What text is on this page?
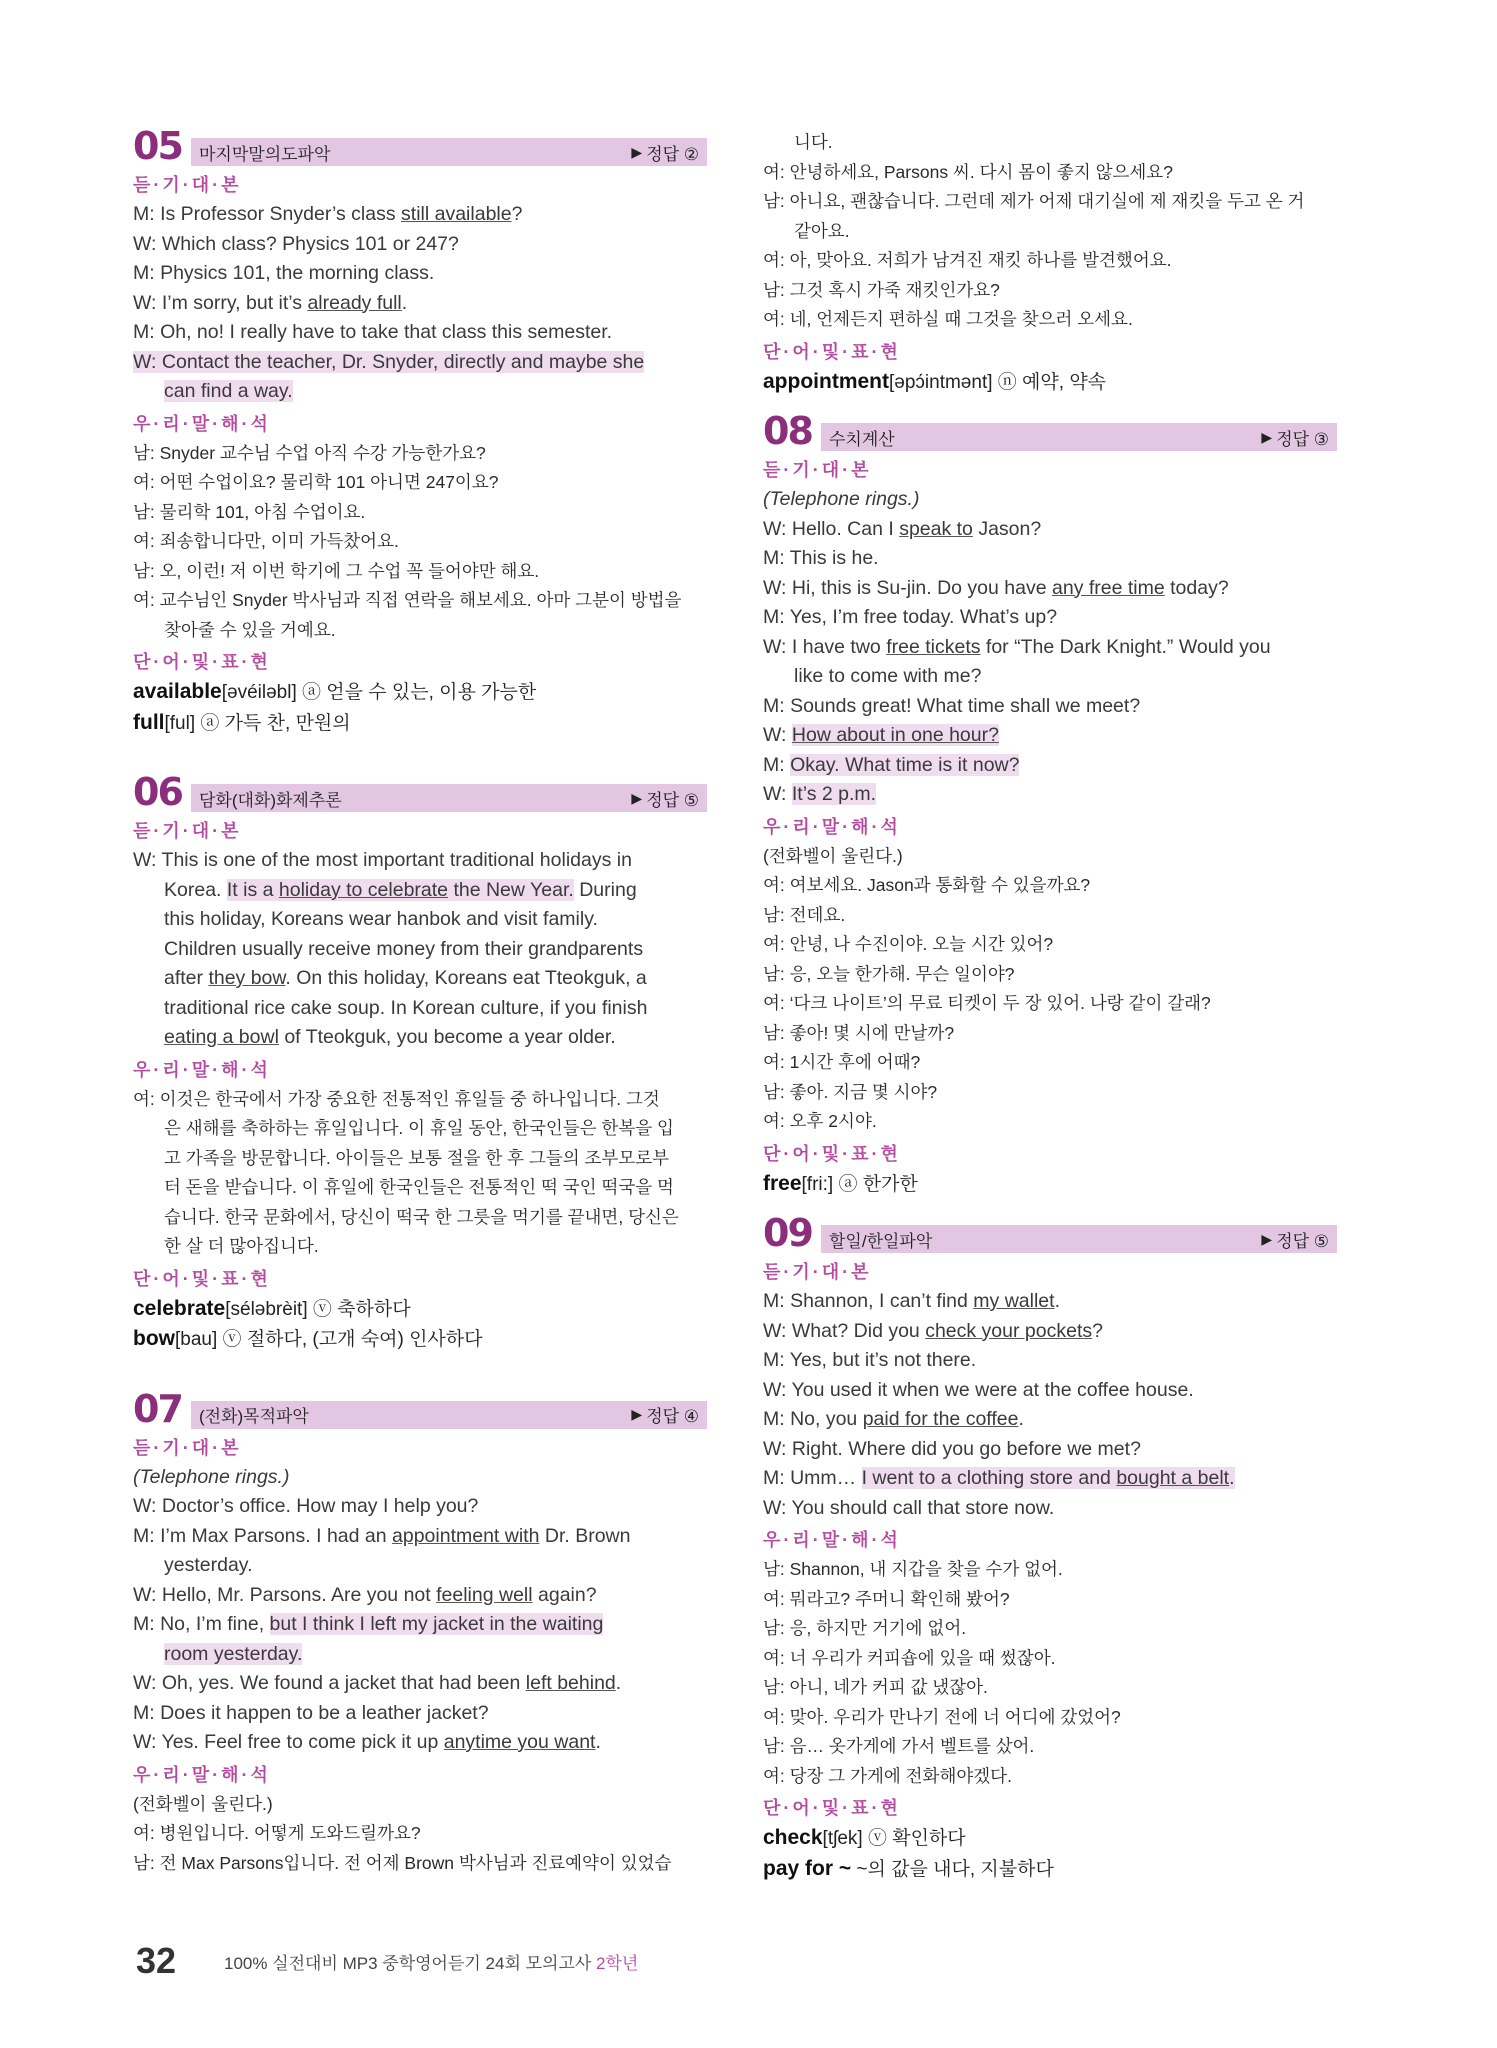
05	마지막말의도파악	▶ 정답 ②
듣·기·대·본
M: Is Professor Snyder’s class still available?
W: Which class? Physics 101 or 247?
M: Physics 101, the morning class.
W: I’m sorry, but it’s already full.
M: Oh, no! I really have to take that class this semester.
W: Contact the teacher, Dr. Snyder, directly and maybe she
can find a way.
우·리·말·해·석
남: Snyder 교수님 수업 아직 수강 가능한가요?
여: 어떤 수업이요? 물리학 101 아니면 247이요?
남: 물리학 101, 아침 수업이요.
여: 죄송합니다만, 이미 가득찼어요.
남: 오, 이런! 저 이번 학기에 그 수업 꼭 들어야만 해요.
여: 교수님인 Snyder 박사님과 직접 연락을 해보세요. 아마 그분이 방법을
찾아줄 수 있을 거예요.
단·어·및·표·현
available[əvéiləbl] ⓐ 얻을 수 있는, 이용 가능한
full[ful] ⓐ 가득 찬, 만원의
06	담화(대화)화제추론	▶ 정답 ⑤
듣·기·대·본
W: This is one of the most important traditional holidays in
Korea. It is a holiday to celebrate the New Year. During
this holiday, Koreans wear hanbok and visit family.
Children usually receive money from their grandparents
after they bow. On this holiday, Koreans eat Tteokguk, a
traditional rice cake soup. In Korean culture, if you finish
eating a bowl of Tteokguk, you become a year older.
우·리·말·해·석
여: 이것은 한국에서 가장 중요한 전통적인 휴일들 중 하나입니다. 그것
은 새해를 축하하는 휴일입니다. 이 휴일 동안, 한국인들은 한복을 입
고 가족을 방문합니다. 아이들은 보통 절을 한 후 그들의 조부모로부
터 돈을 받습니다. 이 휴일에 한국인들은 전통적인 떡 국인 떡국을 먹
습니다. 한국 문화에서, 당신이 떡국 한 그릇을 먹기를 끝내면, 당신은
한 살 더 많아집니다.
단·어·및·표·현
celebrate[séləbrèit] ⓥ 축하하다
bow[bau] ⓥ 절하다, (고개 숙여) 인사하다
07	(전화)목적파악	▶ 정답 ④
듣·기·대·본
(Telephone rings.)
W: Doctor’s office. How may I help you?
M: I’m Max Parsons. I had an appointment with Dr. Brown
yesterday.
W: Hello, Mr. Parsons. Are you not feeling well again?
M: No, I’m fine, but I think I left my jacket in the waiting
room yesterday.
W: Oh, yes. We found a jacket that had been left behind.
M: Does it happen to be a leather jacket?
W: Yes. Feel free to come pick it up anytime you want.
우·리·말·해·석
(전화벨이 울린다.)
여: 병원입니다. 어떻게 도와드릴까요?
남: 전 Max Parsons입니다. 전 어제 Brown 박사님과 진료예약이 있었습
니다.
여: 안녕하세요, Parsons 씨. 다시 몸이 좋지 않으세요?
남: 아니요, 괜찮습니다. 그런데 제가 어제 대기실에 제 재킷을 두고 온 거
같아요.
여: 아, 맞아요. 저희가 남겨진 재킷 하나를 발견했어요.
남: 그것 혹시 가죽 재킷인가요?
여: 네, 언제든지 편하실 때 그것을 찾으러 오세요.
단·어·및·표·현
appointment[əpɔ́intmənt] ⓝ 예약, 약속
08	수치계산	▶ 정답 ③
듣·기·대·본
(Telephone rings.)
W: Hello. Can I speak to Jason?
M: This is he.
W: Hi, this is Su-jin. Do you have any free time today?
M: Yes, I’m free today. What’s up?
W: I have two free tickets for “The Dark Knight.” Would you
like to come with me?
M: Sounds great! What time shall we meet?
W: How about in one hour?
M: Okay. What time is it now?
W: It’s 2 p.m.
우·리·말·해·석
(전화벨이 울린다.)
여: 여보세요. Jason과 통화할 수 있을까요?
남: 전데요.
여: 안녕, 나 수진이야. 오늘 시간 있어?
남: 응, 오늘 한가해. 무슨 일이야?
여: ‘다크 나이트’의 무료 티켓이 두 장 있어. 나랑 같이 갈래?
남: 좋아! 몇 시에 만날까?
여: 1시간 후에 어때?
남: 좋아. 지금 몇 시야?
여: 오후 2시야.
단·어·및·표·현
free[fri:] ⓐ 한가한
09	할일/한일파악	▶ 정답 ⑤
듣·기·대·본
M: Shannon, I can’t find my wallet.
W: What? Did you check your pockets?
M: Yes, but it’s not there.
W: You used it when we were at the coffee house.
M: No, you paid for the coffee.
W: Right. Where did you go before we met?
M: Umm… I went to a clothing store and bought a belt.
W: You should call that store now.
우·리·말·해·석
남: Shannon, 내 지갑을 찾을 수가 없어.
여: 뭐라고? 주머니 확인해 봤어?
남: 응, 하지만 거기에 없어.
여: 너 우리가 커피숍에 있을 때 썼잖아.
남: 아니, 네가 커피 값 냈잖아.
여: 맞아. 우리가 만나기 전에 너 어디에 갔었어?
남: 음… 옷가게에 가서 벨트를 샀어.
여: 당장 그 가게에 전화해야겠다.
단·어·및·표·현
check[tʃek] ⓥ 확인하다
pay for ~ ~의 값을 내다, 지불하다
32	100% 실전대비 MP3 중학영어듣기 24회 모의고사 2학년
